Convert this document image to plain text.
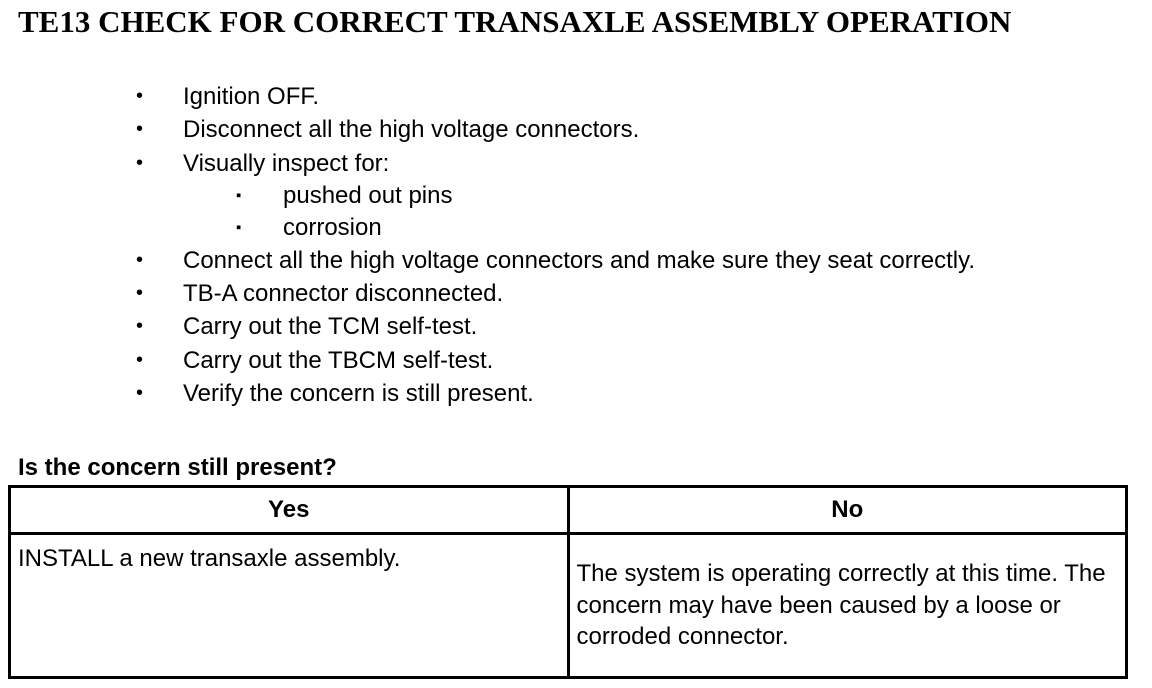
TE13 CHECK FOR CORRECT TRANSAXLE ASSEMBLY OPERATION
• Ignition OFF.
• Disconnect all the high voltage connectors.
• Visually inspect for:
▪ pushed out pins
▪ corrosion
• Connect all the high voltage connectors and make sure they seat correctly.
• TB-A connector disconnected.
• Carry out the TCM self-test.
• Carry out the TBCM self-test.
• Verify the concern is still present.
Is the concern still present?
Yes	No
INSTALL a new transaxle assembly.	The system is operating correctly at this time. The concern may have been caused by a loose or corroded connector.
